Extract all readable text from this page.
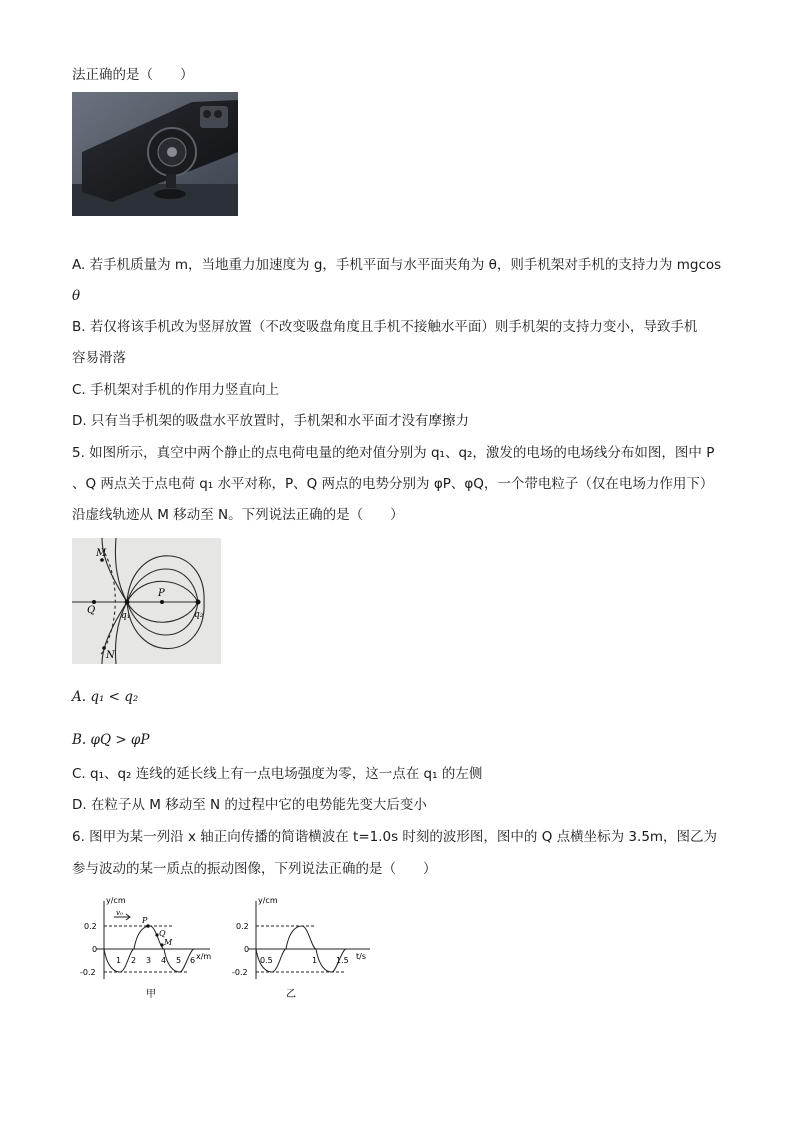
法正确的是（　　）
A. 若手机质量为 m，当地重力加速度为 g，手机平面与水平面夹角为 θ，则手机架对手机的支持力为 mgcos
θ
B. 若仅将该手机改为竖屏放置（不改变吸盘角度且手机不接触水平面）则手机架的支持力变小，导致手机
容易滑落
C. 手机架对手机的作用力竖直向上
D. 只有当手机架的吸盘水平放置时，手机架和水平面才没有摩擦力
5. 如图所示，真空中两个静止的点电荷电量的绝对值分别为 q₁、q₂，激发的电场的电场线分布如图，图中 P
、Q 两点关于点电荷 q₁ 水平对称，P、Q 两点的电势分别为 φP、φQ，一个带电粒子（仅在电场力作用下）
沿虚线轨迹从 M 移动至 N。下列说法正确的是（　　）
M
N
P
Q	q₁	q₂
A. q₁ < q₂
B. φQ > φP
C. q₁、q₂ 连线的延长线上有一点电场强度为零，这一点在 q₁ 的左侧
D. 在粒子从 M 移动至 N 的过程中它的电势能先变大后变小
6. 图甲为某一列沿 x 轴正向传播的简谐横波在 t=1.0s 时刻的波形图，图中的 Q 点横坐标为 3.5m，图乙为
参与波动的某一质点的振动图像，下列说法正确的是（　　）
y/cm
x/m
0.2
0
-0.2
1 2 3 4 5 6
v₀
P
Q
M
甲
y/cm
t/s
0.2
0
-0.2
0.5	1 1.5
乙
